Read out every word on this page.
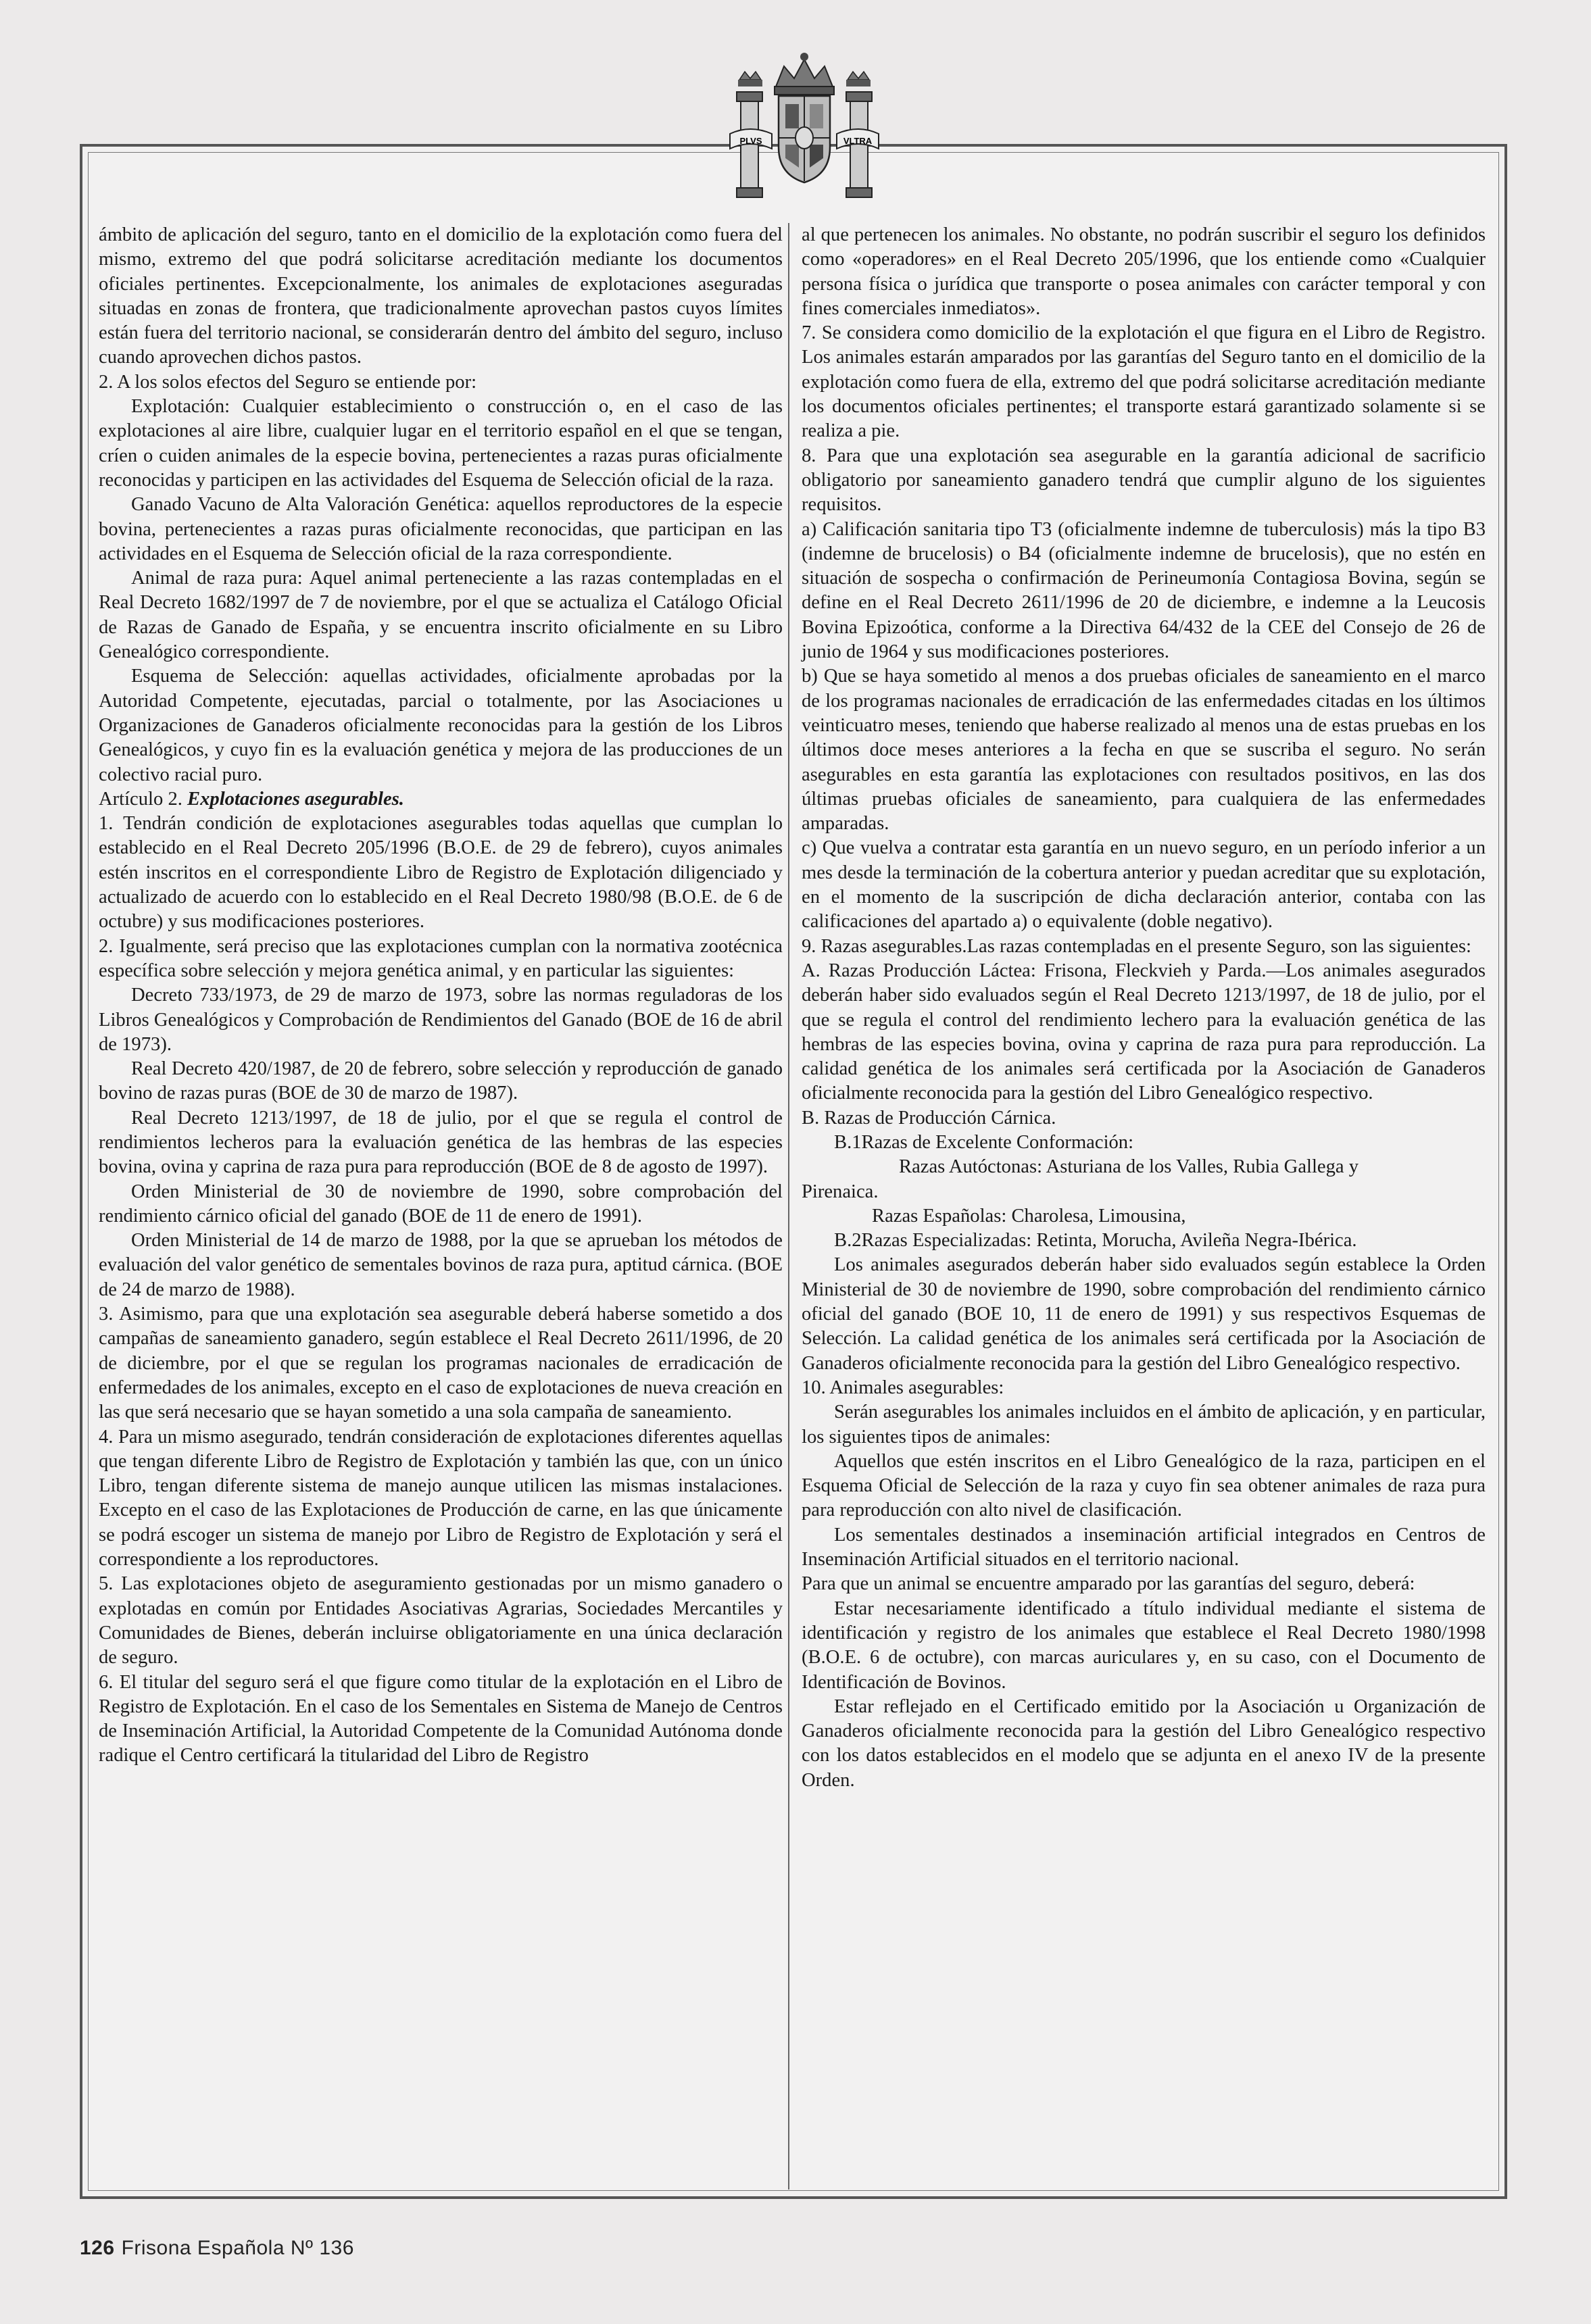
PLVS	VLTRA

ámbito de aplicación del seguro, tanto en el domicilio de la explotación como fuera del mismo, extremo del que podrá solicitarse acreditación mediante los documentos oficiales pertinentes. Excepcionalmente, los animales de explotaciones aseguradas situadas en zonas de frontera, que tradicionalmente aprovechan pastos cuyos límites están fuera del territorio nacional, se considerarán dentro del ámbito del seguro, incluso cuando aprovechen dichos pastos.

2. A los solos efectos del Seguro se entiende por:

Explotación: Cualquier establecimiento o construcción o, en el caso de las explotaciones al aire libre, cualquier lugar en el territorio español en el que se tengan, críen o cuiden animales de la especie bovina, pertenecientes a razas puras oficialmente reconocidas y participen en las actividades del Esquema de Selección oficial de la raza.

Ganado Vacuno de Alta Valoración Genética: aquellos reproductores de la especie bovina, pertenecientes a razas puras oficialmente reconocidas, que participan en las actividades en el Esquema de Selección oficial de la raza correspondiente.

Animal de raza pura: Aquel animal perteneciente a las razas contempladas en el Real Decreto 1682/1997 de 7 de noviembre, por el que se actualiza el Catálogo Oficial de Razas de Ganado de España, y se encuentra inscrito oficialmente en su Libro Genealógico correspondiente.

Esquema de Selección: aquellas actividades, oficialmente aprobadas por la Autoridad Competente, ejecutadas, parcial o totalmente, por las Asociaciones u Organizaciones de Ganaderos oficialmente reconocidas para la gestión de los Libros Genealógicos, y cuyo fin es la evaluación genética y mejora de las producciones de un colectivo racial puro.

Artículo 2. Explotaciones asegurables.

1. Tendrán condición de explotaciones asegurables todas aquellas que cumplan lo establecido en el Real Decreto 205/1996 (B.O.E. de 29 de febrero), cuyos animales estén inscritos en el correspondiente Libro de Registro de Explotación diligenciado y actualizado de acuerdo con lo establecido en el Real Decreto 1980/98 (B.O.E. de 6 de octubre) y sus modificaciones posteriores.

2. Igualmente, será preciso que las explotaciones cumplan con la normativa zootécnica específica sobre selección y mejora genética animal, y en particular las siguientes:

Decreto 733/1973, de 29 de marzo de 1973, sobre las normas reguladoras de los Libros Genealógicos y Comprobación de Rendimientos del Ganado (BOE de 16 de abril de 1973).

Real Decreto 420/1987, de 20 de febrero, sobre selección y reproducción de ganado bovino de razas puras (BOE de 30 de marzo de 1987).

Real Decreto 1213/1997, de 18 de julio, por el que se regula el control de rendimientos lecheros para la evaluación genética de las hembras de las especies bovina, ovina y caprina de raza pura para reproducción (BOE de 8 de agosto de 1997).

Orden Ministerial de 30 de noviembre de 1990, sobre comprobación del rendimiento cárnico oficial del ganado (BOE de 11 de enero de 1991).

Orden Ministerial de 14 de marzo de 1988, por la que se aprueban los métodos de evaluación del valor genético de sementales bovinos de raza pura, aptitud cárnica. (BOE de 24 de marzo de 1988).

3. Asimismo, para que una explotación sea asegurable deberá haberse sometido a dos campañas de saneamiento ganadero, según establece el Real Decreto 2611/1996, de 20 de diciembre, por el que se regulan los programas nacionales de erradicación de enfermedades de los animales, excepto en el caso de explotaciones de nueva creación en las que será necesario que se hayan sometido a una sola campaña de saneamiento.

4. Para un mismo asegurado, tendrán consideración de explotaciones diferentes aquellas que tengan diferente Libro de Registro de Explotación y también las que, con un único Libro, tengan diferente sistema de manejo aunque utilicen las mismas instalaciones. Excepto en el caso de las Explotaciones de Producción de carne, en las que únicamente se podrá escoger un sistema de manejo por Libro de Registro de Explotación y será el correspondiente a los reproductores.

5. Las explotaciones objeto de aseguramiento gestionadas por un mismo ganadero o explotadas en común por Entidades Asociativas Agrarias, Sociedades Mercantiles y Comunidades de Bienes, deberán incluirse obligatoriamente en una única declaración de seguro.

6. El titular del seguro será el que figure como titular de la explotación en el Libro de Registro de Explotación. En el caso de los Sementales en Sistema de Manejo de Centros de Inseminación Artificial, la Autoridad Competente de la Comunidad Autónoma donde radique el Centro certificará la titularidad del Libro de Registro

al que pertenecen los animales. No obstante, no podrán suscribir el seguro los definidos como «operadores» en el Real Decreto 205/1996, que los entiende como «Cualquier persona física o jurídica que transporte o posea animales con carácter temporal y con fines comerciales inmediatos».

7. Se considera como domicilio de la explotación el que figura en el Libro de Registro. Los animales estarán amparados por las garantías del Seguro tanto en el domicilio de la explotación como fuera de ella, extremo del que podrá solicitarse acreditación mediante los documentos oficiales pertinentes; el transporte estará garantizado solamente si se realiza a pie.

8. Para que una explotación sea asegurable en la garantía adicional de sacrificio obligatorio por saneamiento ganadero tendrá que cumplir alguno de los siguientes requisitos.

a) Calificación sanitaria tipo T3 (oficialmente indemne de tuberculosis) más la tipo B3 (indemne de brucelosis) o B4 (oficialmente indemne de brucelosis), que no estén en situación de sospecha o confirmación de Perineumonía Contagiosa Bovina, según se define en el Real Decreto 2611/1996 de 20 de diciembre, e indemne a la Leucosis Bovina Epizoótica, conforme a la Directiva 64/432 de la CEE del Consejo de 26 de junio de 1964 y sus modificaciones posteriores.

b) Que se haya sometido al menos a dos pruebas oficiales de saneamiento en el marco de los programas nacionales de erradicación de las enfermedades citadas en los últimos veinticuatro meses, teniendo que haberse realizado al menos una de estas pruebas en los últimos doce meses anteriores a la fecha en que se suscriba el seguro. No serán asegurables en esta garantía las explotaciones con resultados positivos, en las dos últimas pruebas oficiales de saneamiento, para cualquiera de las enfermedades amparadas.

c) Que vuelva a contratar esta garantía en un nuevo seguro, en un período inferior a un mes desde la terminación de la cobertura anterior y puedan acreditar que su explotación, en el momento de la suscripción de dicha declaración anterior, contaba con las calificaciones del apartado a) o equivalente (doble negativo).

9. Razas asegurables.Las razas contempladas en el presente Seguro, son las siguientes:

A. Razas Producción Láctea: Frisona, Fleckvieh y Parda.—Los animales asegurados deberán haber sido evaluados según el Real Decreto 1213/1997, de 18 de julio, por el que se regula el control del rendimiento lechero para la evaluación genética de las hembras de las especies bovina, ovina y caprina de raza pura para reproducción. La calidad genética de los animales será certificada por la Asociación de Ganaderos oficialmente reconocida para la gestión del Libro Genealógico respectivo.

B. Razas de Producción Cárnica.

B.1Razas de Excelente Conformación:

Razas Autóctonas: Asturiana de los Valles, Rubia Gallega y

Pirenaica.

Razas Españolas: Charolesa, Limousina,

B.2Razas Especializadas: Retinta, Morucha, Avileña Negra-Ibérica.

Los animales asegurados deberán haber sido evaluados según establece la Orden Ministerial de 30 de noviembre de 1990, sobre comprobación del rendimiento cárnico oficial del ganado (BOE 10, 11 de enero de 1991) y sus respectivos Esquemas de Selección. La calidad genética de los animales será certificada por la Asociación de Ganaderos oficialmente reconocida para la gestión del Libro Genealógico respectivo.

10. Animales asegurables:

Serán asegurables los animales incluidos en el ámbito de aplicación, y en particular, los siguientes tipos de animales:

Aquellos que estén inscritos en el Libro Genealógico de la raza, participen en el Esquema Oficial de Selección de la raza y cuyo fin sea obtener animales de raza pura para reproducción con alto nivel de clasificación.

Los sementales destinados a inseminación artificial integrados en Centros de Inseminación Artificial situados en el territorio nacional.

Para que un animal se encuentre amparado por las garantías del seguro, deberá:

Estar necesariamente identificado a título individual mediante el sistema de identificación y registro de los animales que establece el Real Decreto 1980/1998 (B.O.E. 6 de octubre), con marcas auriculares y, en su caso, con el Documento de Identificación de Bovinos.

Estar reflejado en el Certificado emitido por la Asociación u Organización de Ganaderos oficialmente reconocida para la gestión del Libro Genealógico respectivo con los datos establecidos en el modelo que se adjunta en el anexo IV de la presente Orden.

126 Frisona Española Nº 136
